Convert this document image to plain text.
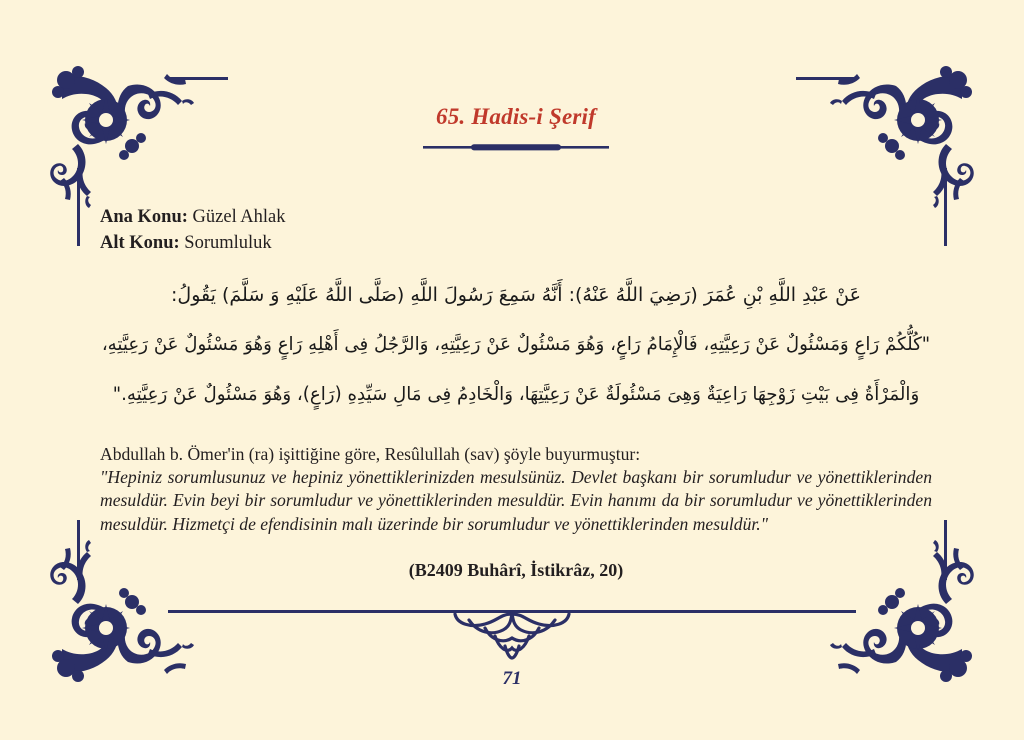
65. Hadis-i Şerif
Ana Konu: Güzel Ahlak
Alt Konu: Sorumluluk
عَنْ عَبْدِ اللَّهِ بْنِ عُمَرَ (رَضِيَ اللَّهُ عَنْهُ): أَنَّهُ سَمِعَ رَسُولَ اللَّهِ (صَلَّى اللَّهُ عَلَيْهِ وَ سَلَّمَ) يَقُولُ:
"كُلُّكُمْ رَاعٍ وَمَسْئُولٌ عَنْ رَعِيَّتِهِ، فَالْإِمَامُ رَاعٍ، وَهُوَ مَسْئُولٌ عَنْ رَعِيَّتِهِ، وَالرَّجُلُ فِى أَهْلِهِ رَاعٍ وَهُوَ مَسْئُولٌ عَنْ رَعِيَّتِهِ،
وَالْمَرْأَةُ فِى بَيْتِ زَوْجِهَا رَاعِيَةٌ وَهِىَ مَسْئُولَةٌ عَنْ رَعِيَّتِهَا، وَالْخَادِمُ فِى مَالِ سَيِّدِهِ (رَاعٍ)، وَهُوَ مَسْئُولٌ عَنْ رَعِيَّتِهِ."
Abdullah b. Ömer'in (ra) işittiğine göre, Resûlullah (sav) şöyle buyurmuştur:
"Hepiniz sorumlusunuz ve hepiniz yönettiklerinizden mesulsünüz. Devlet başkanı bir sorumludur ve yönettiklerinden mesuldür. Evin beyi bir sorumludur ve yönettiklerinden mesuldür. Evin hanımı da bir sorumludur ve yönettiklerinden mesuldür. Hizmetçi de efendisinin malı üzerinde bir sorumludur ve yönettiklerinden mesuldür."
(B2409 Buhârî, İstikrâz, 20)
71
